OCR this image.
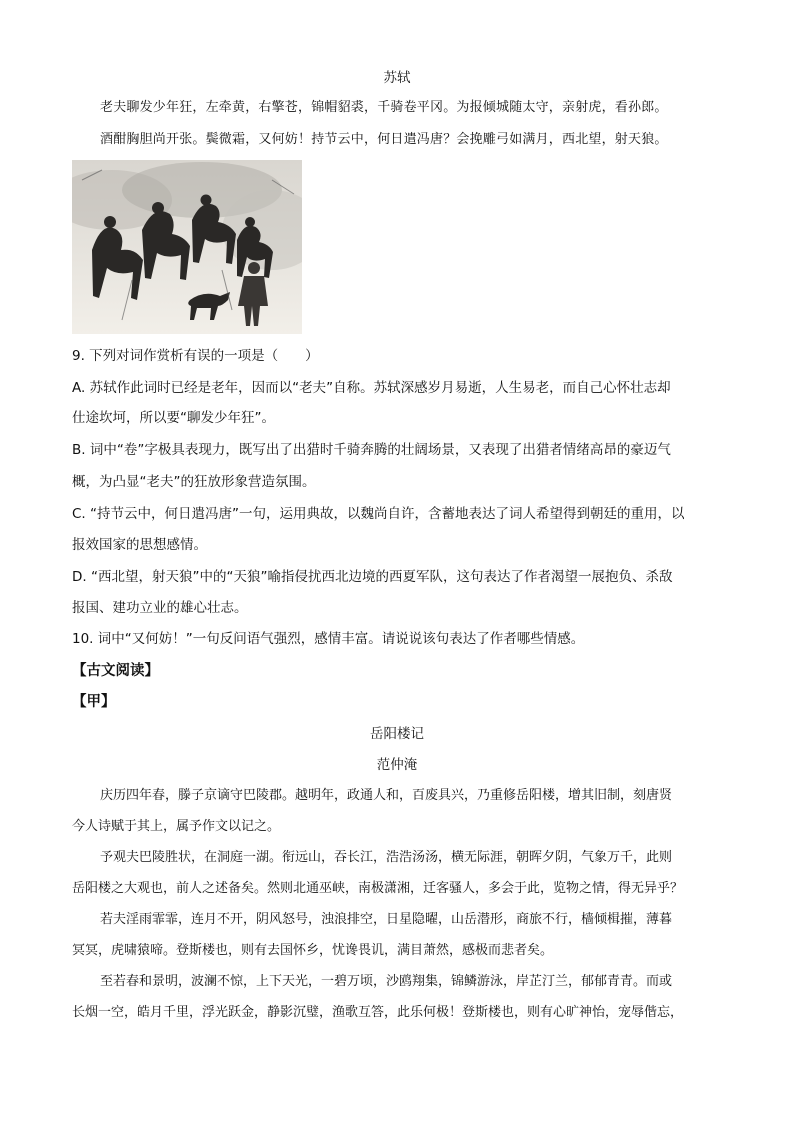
苏轼
老夫聊发少年狂，左牵黄，右擎苍，锦帽貂裘，千骑卷平冈。为报倾城随太守，亲射虎，看孙郎。
酒酣胸胆尚开张。鬓微霜，又何妨！持节云中，何日遣冯唐？会挽雕弓如满月，西北望，射天狼。
9. 下列对词作赏析有误的一项是（　　）
A. 苏轼作此词时已经是老年，因而以“老夫”自称。苏轼深感岁月易逝，人生易老，而自己心怀壮志却
仕途坎坷，所以要“聊发少年狂”。
B. 词中“卷”字极具表现力，既写出了出猎时千骑奔腾的壮阔场景，又表现了出猎者情绪高昂的豪迈气
概，为凸显“老夫”的狂放形象营造氛围。
C. “持节云中，何日遣冯唐”一句，运用典故，以魏尚自许，含蓄地表达了词人希望得到朝廷的重用，以
报效国家的思想感情。
D. “西北望，射天狼”中的“天狼”喻指侵扰西北边境的西夏军队，这句表达了作者渴望一展抱负、杀敌
报国、建功立业的雄心壮志。
10. 词中“又何妨！”一句反问语气强烈，感情丰富。请说说该句表达了作者哪些情感。
【古文阅读】
【甲】
岳阳楼记
范仲淹
庆历四年春，滕子京谪守巴陵郡。越明年，政通人和，百废具兴，乃重修岳阳楼，增其旧制，刻唐贤
今人诗赋于其上，属予作文以记之。
予观夫巴陵胜状，在洞庭一湖。衔远山，吞长江，浩浩汤汤，横无际涯，朝晖夕阴，气象万千，此则
岳阳楼之大观也，前人之述备矣。然则北通巫峡，南极潇湘，迁客骚人，多会于此，览物之情，得无异乎？
若夫淫雨霏霏，连月不开，阴风怒号，浊浪排空，日星隐曜，山岳潜形，商旅不行，樯倾楫摧，薄暮
冥冥，虎啸猿啼。登斯楼也，则有去国怀乡，忧谗畏讥，满目萧然，感极而悲者矣。
至若春和景明，波澜不惊，上下天光，一碧万顷，沙鸥翔集，锦鳞游泳，岸芷汀兰，郁郁青青。而或
长烟一空，皓月千里，浮光跃金，静影沉璧，渔歌互答，此乐何极！登斯楼也，则有心旷神怡，宠辱偕忘，
